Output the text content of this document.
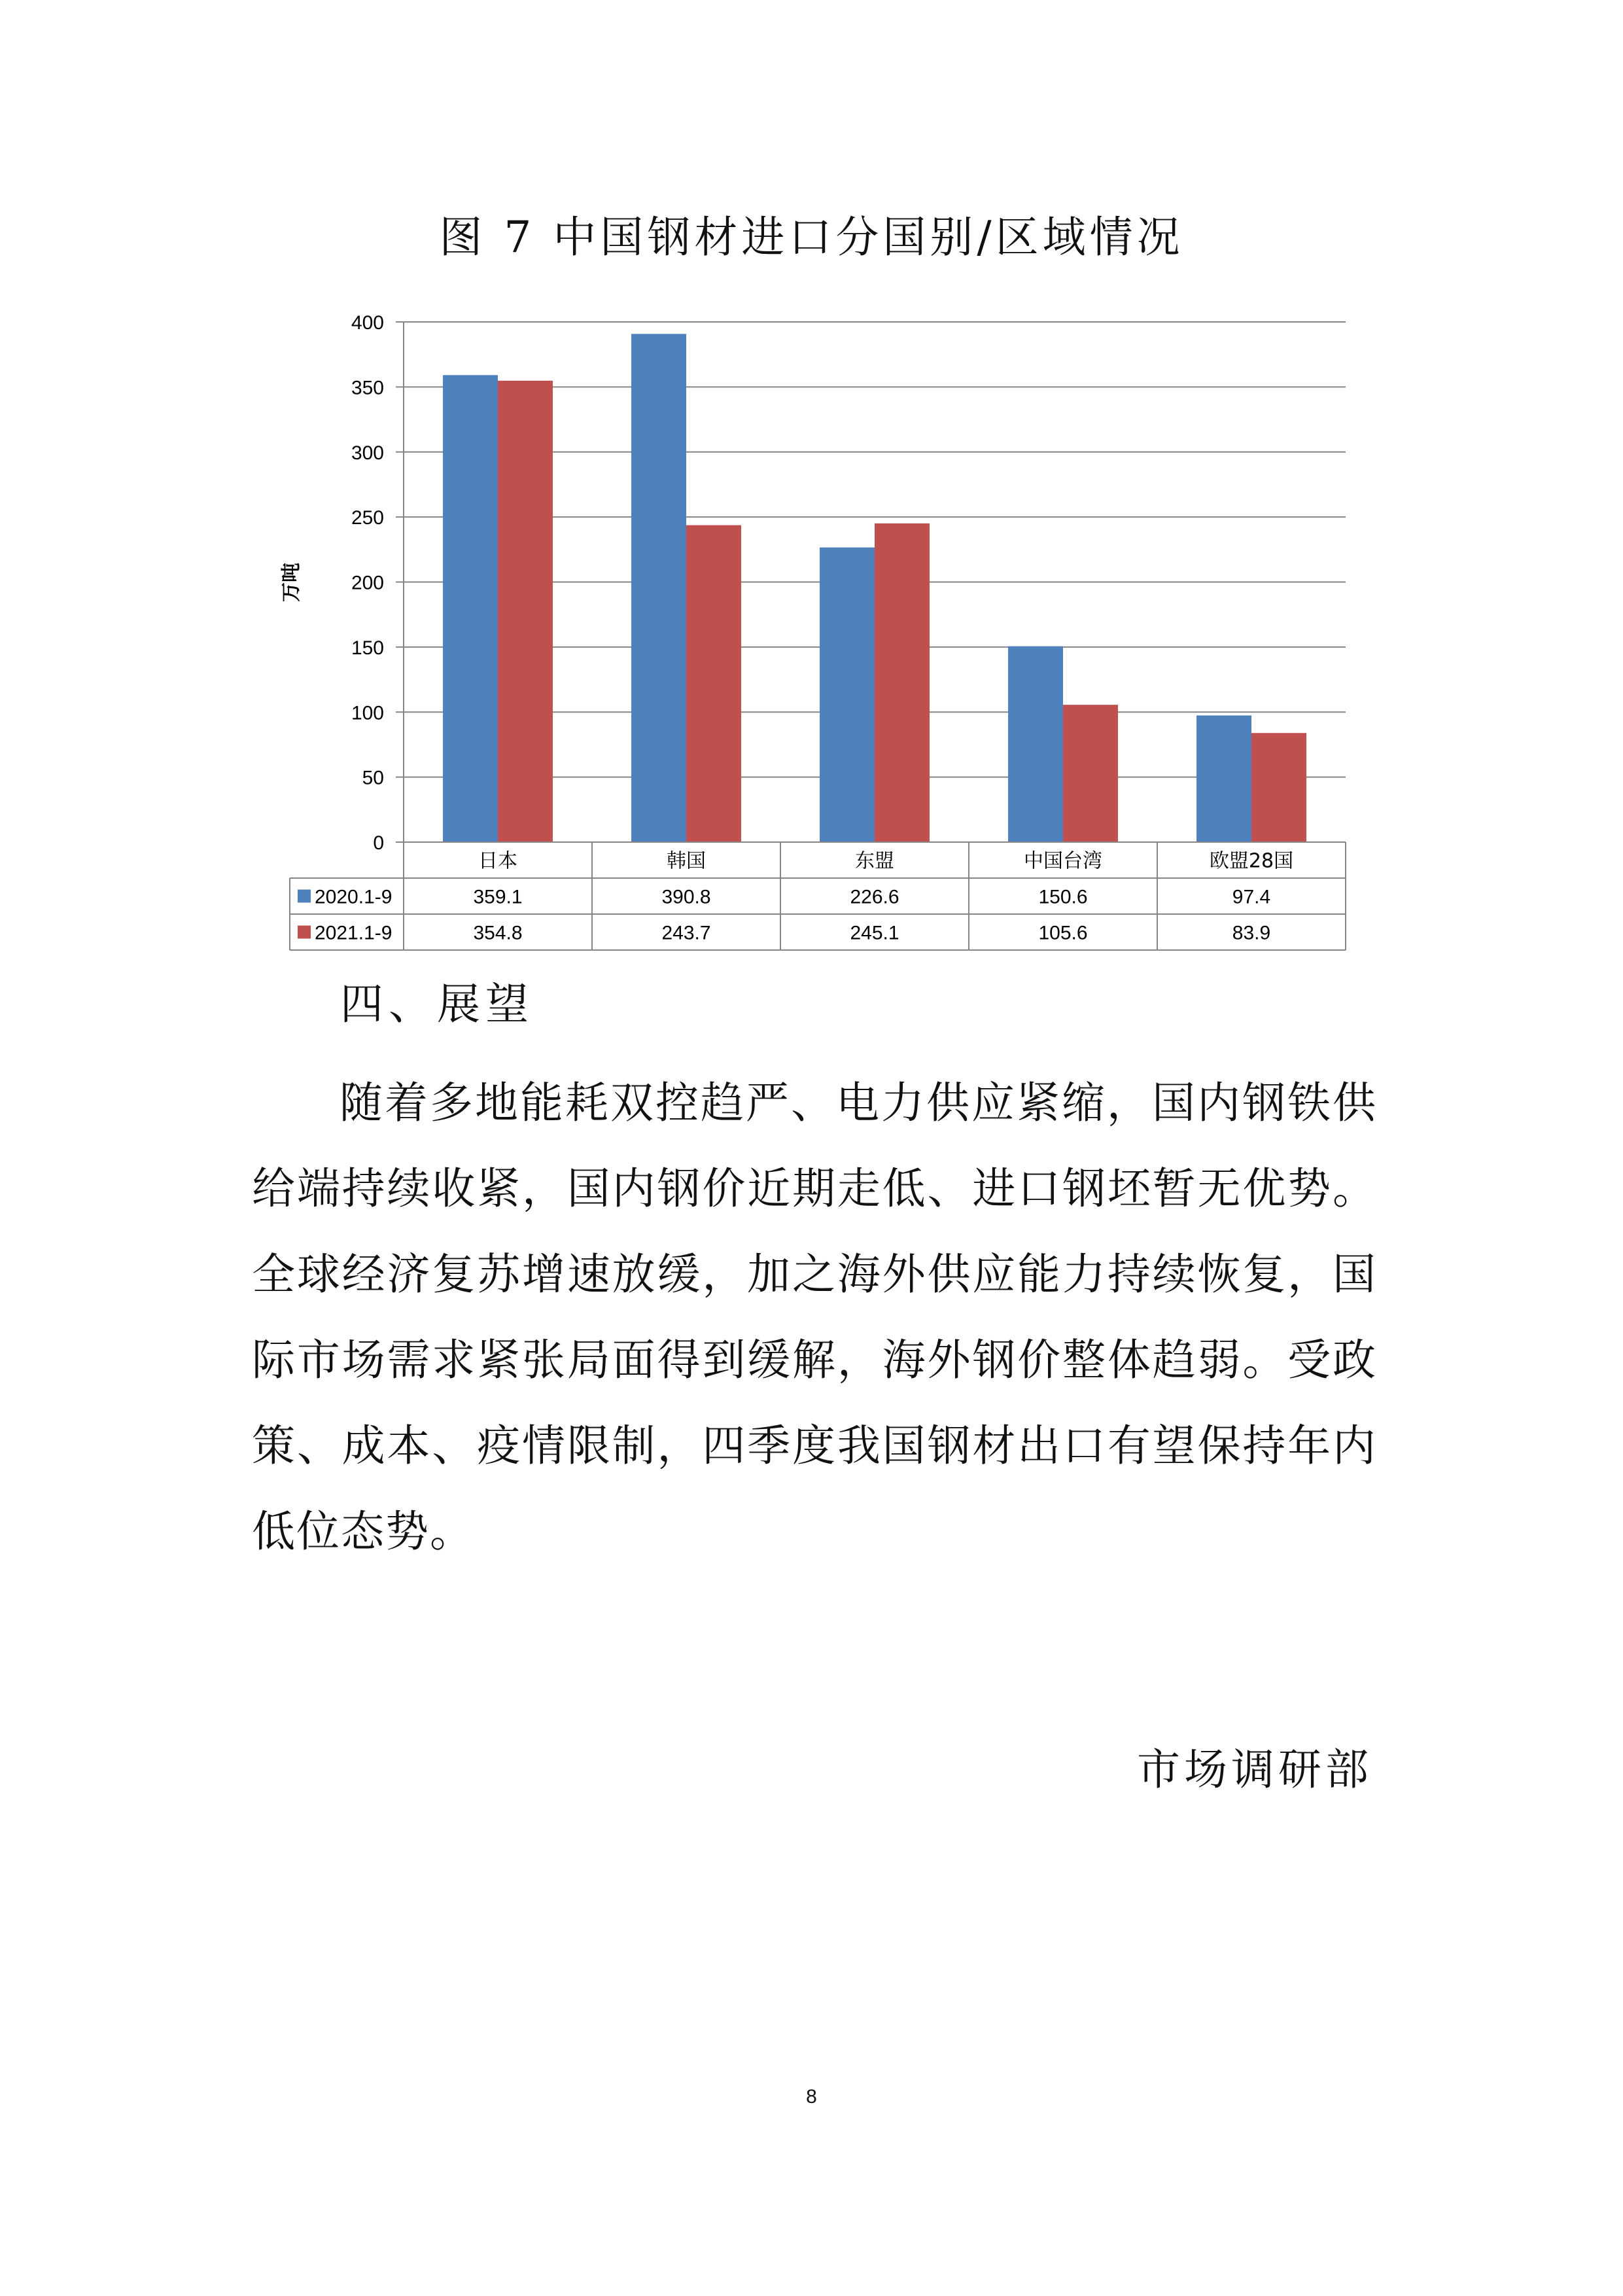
图 7 中国钢材进口分国别/区域情况
0
50
100
150
200
250
300
350
400
日本	韩国	东盟	中国台湾	欧盟28国
2020.1-9	359.1	390.8	226.6	150.6	97.4
2021.1-9	354.8	243.7	245.1	105.6	83.9
万吨
四、展望
随着多地能耗双控趋严、电力供应紧缩，国内钢铁供给端持续收紧，国内钢价近期走低、进口钢坯暂无优势。全球经济复苏增速放缓，加之海外供应能力持续恢复，国际市场需求紧张局面得到缓解，海外钢价整体趋弱。受政策、成本、疫情限制，四季度我国钢材出口有望保持年内低位态势。
市场调研部
8
